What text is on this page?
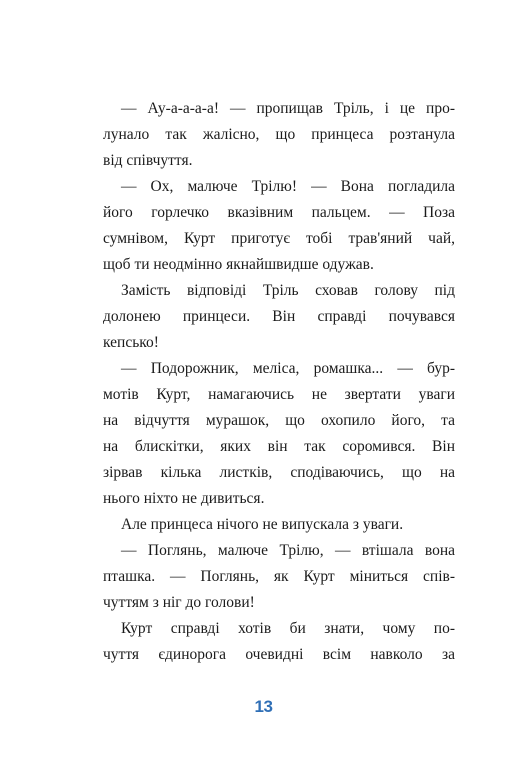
— Ау-а-а-а-а! — пропищав Тріль, і це про-
лунало так жалісно, що принцеса розтанула
від співчуття.
— Ох, малюче Трілю! — Вона погладила
його горлечко вказівним пальцем. — Поза
сумнівом, Курт приготує тобі трав'яний чай,
щоб ти неодмінно якнайшвидше одужав.
Замість відповіді Тріль сховав голову під
долонею принцеси. Він справді почувався
кепсько!
— Подорожник, меліса, ромашка... — бур-
мотів Курт, намагаючись не звертати уваги
на відчуття мурашок, що охопило його, та
на блискітки, яких він так соромився. Він
зірвав кілька листків, сподіваючись, що на
нього ніхто не дивиться.
Але принцеса нічого не випускала з уваги.
— Поглянь, малюче Трілю, — втішала вона
пташка. — Поглянь, як Курт міниться спів-
чуттям з ніг до голови!
Курт справді хотів би знати, чому по-
чуття єдинорога очевидні всім навколо за
13
